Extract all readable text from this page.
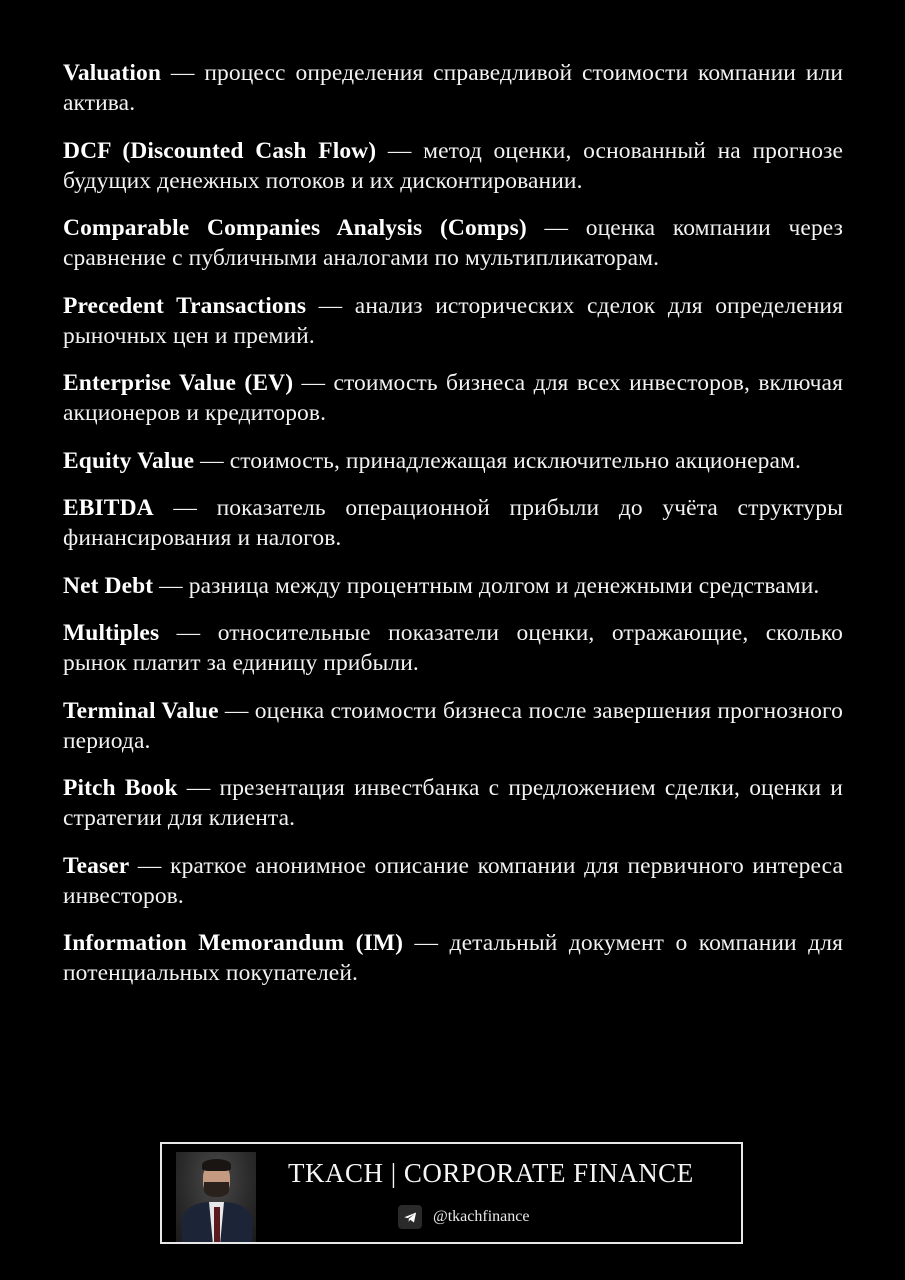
Valuation — процесс определения справедливой стоимости компании или актива.

DCF (Discounted Cash Flow) — метод оценки, основанный на прогнозе будущих денежных потоков и их дисконтировании.

Comparable Companies Analysis (Comps) — оценка компании через сравнение с публичными аналогами по мультипликаторам.

Precedent Transactions — анализ исторических сделок для определения рыночных цен и премий.

Enterprise Value (EV) — стоимость бизнеса для всех инвесторов, включая акционеров и кредиторов.

Equity Value — стоимость, принадлежащая исключительно акционерам.

EBITDA — показатель операционной прибыли до учёта структуры финансирования и налогов.

Net Debt — разница между процентным долгом и денежными средствами.

Multiples — относительные показатели оценки, отражающие, сколько рынок платит за единицу прибыли.

Terminal Value — оценка стоимости бизнеса после завершения прогнозного периода.

Pitch Book — презентация инвестбанка с предложением сделки, оценки и стратегии для клиента.

Teaser — краткое анонимное описание компании для первичного интереса инвесторов.

Information Memorandum (IM) — детальный документ о компании для потенциальных покупателей.

TKACH | CORPORATE FINANCE
@tkachfinance
